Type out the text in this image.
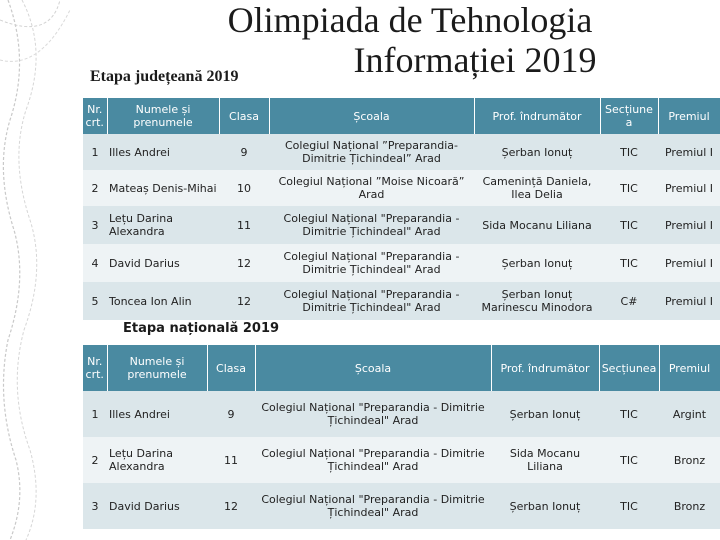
Olimpiada de Tehnologia
Informației 2019
Etapa județeană 2019
Nr. crt.	Numele și prenumele	Clasa	Școala	Prof. îndrumător	Secțiune a	Premiul
1	Illes Andrei	9	Colegiul Național ”Preparandia-Dimitrie Țichindeal” Arad	Șerban Ionuț	TIC	Premiul I
2	Mateaș Denis-Mihai	10	Colegiul Național ”Moise Nicoară” Arad	Camenință Daniela, Ilea Delia	TIC	Premiul I
3	Lețu Darina Alexandra	11	Colegiul Național "Preparandia - Dimitrie Țichindeal" Arad	Sida Mocanu Liliana	TIC	Premiul I
4	David Darius	12	Colegiul Național "Preparandia - Dimitrie Țichindeal" Arad	Șerban Ionuț	TIC	Premiul I
5	Toncea Ion Alin	12	Colegiul Național "Preparandia - Dimitrie Țichindeal" Arad	Șerban Ionuț Marinescu Minodora	C#	Premiul I
Etapa națională 2019
Nr. crt.	Numele și prenumele	Clasa	Școala	Prof. îndrumător	Secțiunea	Premiul
1	Illes Andrei	9	Colegiul Național "Preparandia - Dimitrie Țichindeal" Arad	Șerban Ionuț	TIC	Argint
2	Lețu Darina Alexandra	11	Colegiul Național "Preparandia - Dimitrie Țichindeal" Arad	Sida Mocanu Liliana	TIC	Bronz
3	David Darius	12	Colegiul Național "Preparandia - Dimitrie Țichindeal" Arad	Șerban Ionuț	TIC	Bronz
